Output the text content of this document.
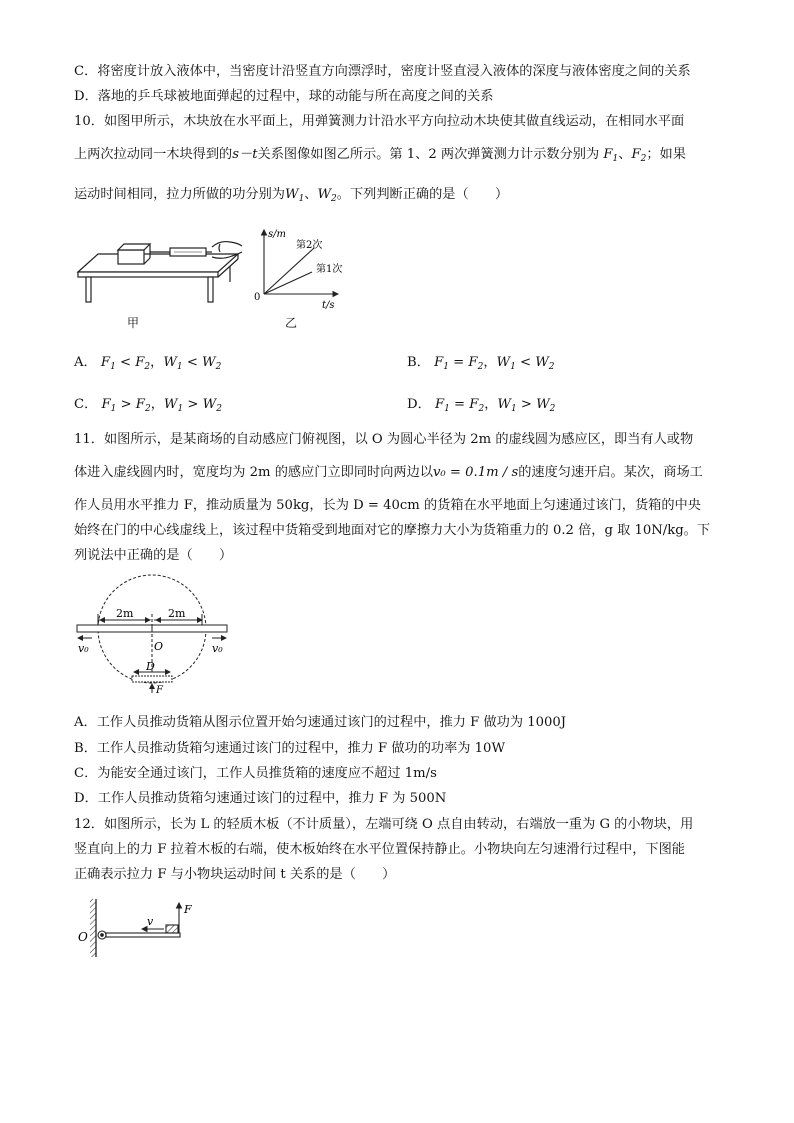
C．将密度计放入液体中，当密度计沿竖直方向漂浮时，密度计竖直浸入液体的深度与液体密度之间的关系
D．落地的乒乓球被地面弹起的过程中，球的动能与所在高度之间的关系
10．如图甲所示，木块放在水平面上，用弹簧测力计沿水平方向拉动木块使其做直线运动，在相同水平面
上两次拉动同一木块得到的s－t关系图像如图乙所示。第 1、2 两次弹簧测力计示数分别为 $F_1$、$F_2$；如果
运动时间相同，拉力所做的功分别为$W_1$、$W_2$。下列判断正确的是（　　）
甲
s/m
t/s
0
第2次
第1次
乙
A． $F_1 < F_2$，$W_1 < W_2$	B． $F_1 = F_2$，$W_1 < W_2$
C． $F_1 > F_2$，$W_1 > W_2$	D． $F_1 = F_2$，$W_1 > W_2$
11．如图所示，是某商场的自动感应门俯视图，以 O 为圆心半径为 2m 的虚线圆为感应区，即当有人或物
体进入虚线圆内时，宽度均为 2m 的感应门立即同时向两边以v₀ = 0.1m / s的速度匀速开启。某次，商场工
作人员用水平推力 F，推动质量为 50kg，长为 D = 40cm 的货箱在水平地面上匀速通过该门，货箱的中央
始终在门的中心线虚线上，该过程中货箱受到地面对它的摩擦力大小为货箱重力的 0.2 倍，g 取 10N/kg。下
列说法中正确的是（　　）
2m	2m
O
v₀	v₀
D
F
A．工作人员推动货箱从图示位置开始匀速通过该门的过程中，推力 F 做功为 1000J
B．工作人员推动货箱匀速通过该门的过程中，推力 F 做功的功率为 10W
C．为能安全通过该门，工作人员推货箱的速度应不超过 1m/s
D．工作人员推动货箱匀速通过该门的过程中，推力 F 为 500N
12．如图所示，长为 L 的轻质木板（不计质量），左端可绕 O 点自由转动，右端放一重为 G 的小物块，用
竖直向上的力 F 拉着木板的右端，使木板始终在水平位置保持静止。小物块向左匀速滑行过程中，下图能
正确表示拉力 F 与小物块运动时间 t 关系的是（　　）
O
v
F
